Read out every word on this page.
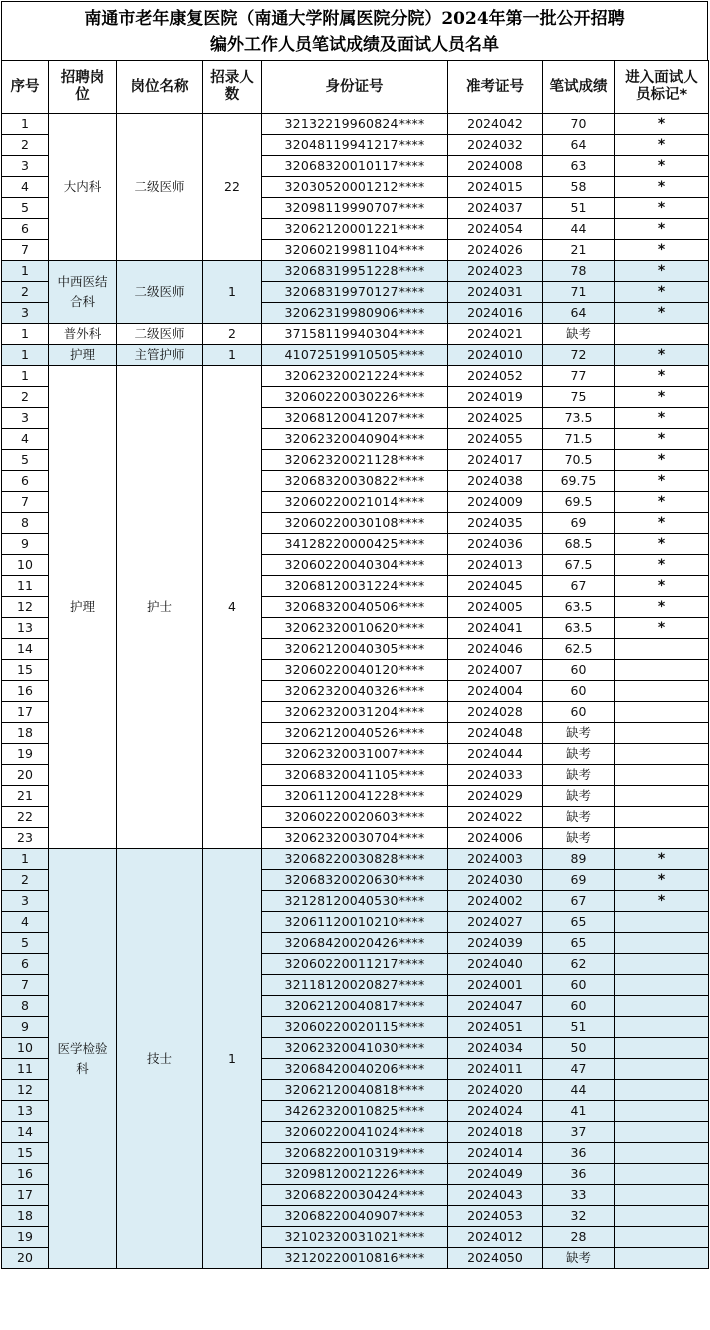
南通市老年康复医院（南通大学附属医院分院）2024年第一批公开招聘
编外工作人员笔试成绩及面试人员名单
序号	招聘岗位	岗位名称	招录人数	身份证号	准考证号	笔试成绩	进入面试人员标记*
1	大内科	二级医师	22	32132219960824****	2024042	70	*
2				32048119941217****	2024032	64	*
3				32068320010117****	2024008	63	*
4				32030520001212****	2024015	58	*
5				32098119990707****	2024037	51	*
6				32062120001221****	2024054	44	*
7				32060219981104****	2024026	21	*
1	中西医结合科	二级医师	1	32068319951228****	2024023	78	*
2				32068319970127****	2024031	71	*
3				32062319980906****	2024016	64	*
1	普外科	二级医师	2	37158119940304****	2024021	缺考	
1	护理	主管护师	1	41072519910505****	2024010	72	*
1	护理	护士	4	32062320021224****	2024052	77	*
2				32060220030226****	2024019	75	*
3				32068120041207****	2024025	73.5	*
4				32062320040904****	2024055	71.5	*
5				32062320021128****	2024017	70.5	*
6				32068320030822****	2024038	69.75	*
7				32060220021014****	2024009	69.5	*
8				32060220030108****	2024035	69	*
9				34128220000425****	2024036	68.5	*
10				32060220040304****	2024013	67.5	*
11				32068120031224****	2024045	67	*
12				32068320040506****	2024005	63.5	*
13				32062320010620****	2024041	63.5	*
14				32062120040305****	2024046	62.5	
15				32060220040120****	2024007	60	
16				32062320040326****	2024004	60	
17				32062320031204****	2024028	60	
18				32062120040526****	2024048	缺考	
19				32062320031007****	2024044	缺考	
20				32068320041105****	2024033	缺考	
21				32061120041228****	2024029	缺考	
22				32060220020603****	2024022	缺考	
23				32062320030704****	2024006	缺考	
1	医学检验科	技士	1	32068220030828****	2024003	89	*
2				32068320020630****	2024030	69	*
3				32128120040530****	2024002	67	*
4				32061120010210****	2024027	65	
5				32068420020426****	2024039	65	
6				32060220011217****	2024040	62	
7				32118120020827****	2024001	60	
8				32062120040817****	2024047	60	
9				32060220020115****	2024051	51	
10				32062320041030****	2024034	50	
11				32068420040206****	2024011	47	
12				32062120040818****	2024020	44	
13				34262320010825****	2024024	41	
14				32060220041024****	2024018	37	
15				32068220010319****	2024014	36	
16				32098120021226****	2024049	36	
17				32068220030424****	2024043	33	
18				32068220040907****	2024053	32	
19				32102320031021****	2024012	28	
20				32120220010816****	2024050	缺考	
